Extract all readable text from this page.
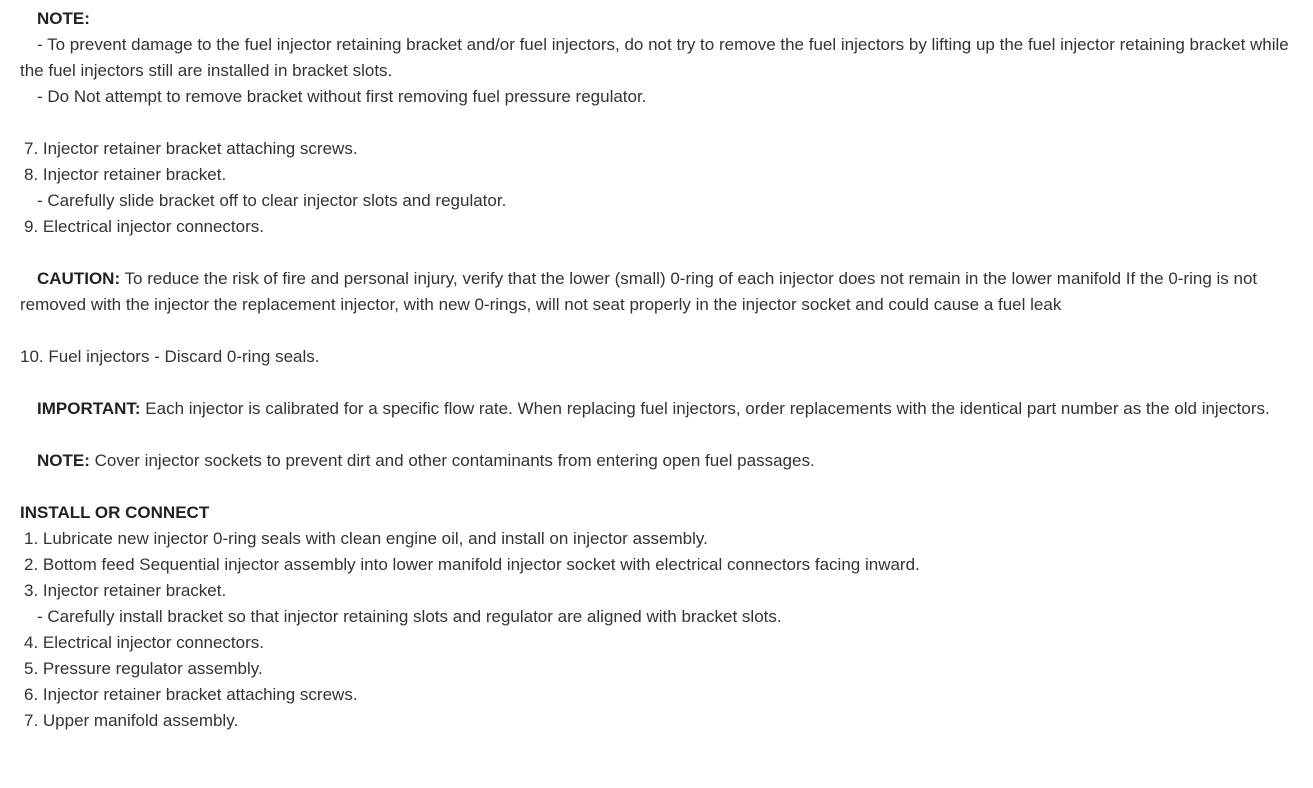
NOTE:
- To prevent damage to the fuel injector retaining bracket and/or fuel injectors, do not try to remove the fuel injectors by lifting up the fuel injector retaining bracket while the fuel injectors still are installed in bracket slots.
- Do Not attempt to remove bracket without first removing fuel pressure regulator.
7. Injector retainer bracket attaching screws.
8. Injector retainer bracket.
- Carefully slide bracket off to clear injector slots and regulator.
9. Electrical injector connectors.
CAUTION: To reduce the risk of fire and personal injury, verify that the lower (small) 0-ring of each injector does not remain in the lower manifold If the 0-ring is not removed with the injector the replacement injector, with new 0-rings, will not seat properly in the injector socket and could cause a fuel leak
10. Fuel injectors - Discard 0-ring seals.
IMPORTANT: Each injector is calibrated for a specific flow rate. When replacing fuel injectors, order replacements with the identical part number as the old injectors.
NOTE: Cover injector sockets to prevent dirt and other contaminants from entering open fuel passages.
INSTALL OR CONNECT
1. Lubricate new injector 0-ring seals with clean engine oil, and install on injector assembly.
2. Bottom feed Sequential injector assembly into lower manifold injector socket with electrical connectors facing inward.
3. Injector retainer bracket.
- Carefully install bracket so that injector retaining slots and regulator are aligned with bracket slots.
4. Electrical injector connectors.
5. Pressure regulator assembly.
6. Injector retainer bracket attaching screws.
7. Upper manifold assembly.
